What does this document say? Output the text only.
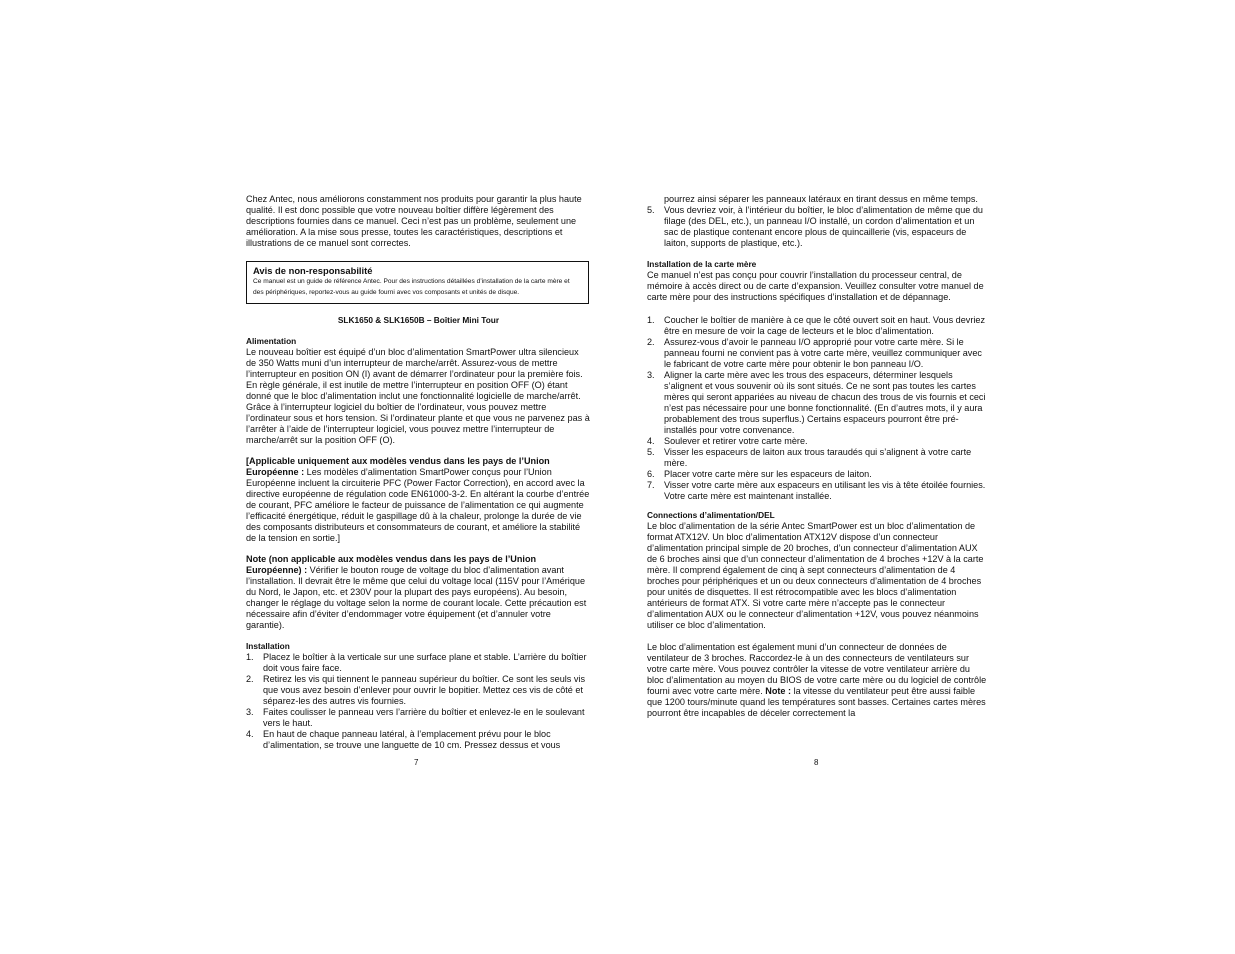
Chez Antec, nous améliorons constamment nos produits pour garantir la plus haute qualité. Il est donc possible que votre nouveau boîtier diffère légèrement des descriptions fournies dans ce manuel. Ceci n’est pas un problème, seulement une amélioration. A la mise sous presse, toutes les caractéristiques, descriptions et illustrations de ce manuel sont correctes.

Avis de non-responsabilité
Ce manuel est un guide de référence Antec. Pour des instructions détaillées d’installation de la carte mère et des périphériques, reportez-vous au guide fourni avec vos composants et unités de disque.
SLK1650 & SLK1650B – Boîtier Mini Tour
Alimentation

Le nouveau boîtier est équipé d’un bloc d’alimentation SmartPower ultra silencieux de 350 Watts muni d’un interrupteur de marche/arrêt. Assurez-vous de mettre l’interrupteur en position ON (I) avant de démarrer l’ordinateur pour la première fois. En règle générale, il est inutile de mettre l’interrupteur en position OFF (O) étant donné que le bloc d’alimentation inclut une fonctionnalité logicielle de marche/arrêt. Grâce à l’interrupteur logiciel du boîtier de l’ordinateur, vous pouvez mettre l’ordinateur sous et hors tension. Si l’ordinateur plante et que vous ne parvenez pas à l’arrêter à l’aide de l’interrupteur logiciel, vous pouvez mettre l’interrupteur de marche/arrêt sur la position OFF (O).

[Applicable uniquement aux modèles vendus dans les pays de l’Union Européenne : Les modèles d’alimentation SmartPower conçus pour l’Union Européenne incluent la circuiterie PFC (Power Factor Correction), en accord avec la directive européenne de régulation code EN61000-3-2. En altérant la courbe d’entrée de courant, PFC améliore le facteur de puissance de l’alimentation ce qui augmente l’efficacité énergétique, réduit le gaspillage dû à la chaleur, prolonge la durée de vie des composants distributeurs et consommateurs de courant, et améliore la stabilité de la tension en sortie.]

Note (non applicable aux modèles vendus dans les pays de l’Union Européenne) : Vérifier le bouton rouge de voltage du bloc d’alimentation avant l’installation. Il devrait être le même que celui du voltage local (115V pour l’Amérique du Nord, le Japon, etc. et 230V pour la plupart des pays européens). Au besoin, changer le réglage du voltage selon la norme de courant locale. Cette précaution est nécessaire afin d’éviter d’endommager votre équipement (et d’annuler votre garantie).

Installation
1. Placez le boîtier à la verticale sur une surface plane et stable. L’arrière du boîtier doit vous faire face.
2. Retirez les vis qui tiennent le panneau supérieur du boîtier. Ce sont les seuls vis que vous avez besoin d’enlever pour ouvrir le bopitier. Mettez ces vis de côté et séparez-les des autres vis fournies.
3. Faites coulisser le panneau vers l’arrière du boîtier et enlevez-le en le soulevant vers le haut.
4. En haut de chaque panneau latéral, à l’emplacement prévu pour le bloc d’alimentation, se trouve une languette de 10 cm. Pressez dessus et vous
7

pourrez ainsi séparer les panneaux latéraux en tirant dessus en même temps.

5. Vous devriez voir, à l’intérieur du boîtier, le bloc d’alimentation de même que du filage (des DEL, etc.), un panneau I/O installé, un cordon d’alimentation et un sac de plastique contenant encore plous de quincaillerie (vis, espaceurs de laiton, supports de plastique, etc.).
Installation de la carte mère

Ce manuel n’est pas conçu pour couvrir l’installation du processeur central, de mémoire à accès direct ou de carte d’expansion. Veuillez consulter votre manuel de carte mère pour des instructions spécifiques d’installation et de dépannage.

1. Coucher le boîtier de manière à ce que le côté ouvert soit en haut. Vous devriez être en mesure de voir la cage de lecteurs et le bloc d’alimentation.
2. Assurez-vous d’avoir le panneau I/O approprié pour votre carte mère. Si le panneau fourni ne convient pas à votre carte mère, veuillez communiquer avec le fabricant de votre carte mère pour obtenir le bon panneau I/O.
3. Aligner la carte mère avec les trous des espaceurs, déterminer lesquels s’alignent et vous souvenir où ils sont situés. Ce ne sont pas toutes les cartes mères qui seront appariées au niveau de chacun des trous de vis fournis et ceci n’est pas nécessaire pour une bonne fonctionnalité. (En d’autres mots, il y aura probablement des trous superflus.) Certains espaceurs pourront être pré-installés pour votre convenance.
4. Soulever et retirer votre carte mère.
5. Visser les espaceurs de laiton aux trous taraudés qui s’alignent à votre carte mère.
6. Placer votre carte mère sur les espaceurs de laiton.
7. Visser votre carte mère aux espaceurs en utilisant les vis à tête étoilée fournies. Votre carte mère est maintenant installée.
Connections d’alimentation/DEL

Le bloc d’alimentation de la série Antec SmartPower est un bloc d’alimentation de format ATX12V. Un bloc d’alimentation ATX12V dispose d’un connecteur d’alimentation principal simple de 20 broches, d’un connecteur d’alimentation AUX de 6 broches ainsi que d’un connecteur d’alimentation de 4 broches +12V à la carte mère. Il comprend également de cinq à sept connecteurs d’alimentation de 4 broches pour périphériques et un ou deux connecteurs d’alimentation de 4 broches pour unités de disquettes. Il est rétrocompatible avec les blocs d’alimentation antérieurs de format ATX. Si votre carte mère n’accepte pas le connecteur d’alimentation AUX ou le connecteur d’alimentation +12V, vous pouvez néanmoins utiliser ce bloc d’alimentation.

Le bloc d’alimentation est également muni d’un connecteur de données de ventilateur de 3 broches. Raccordez-le à un des connecteurs de ventilateurs sur votre carte mère. Vous pouvez contrôler la vitesse de votre ventilateur arrière du bloc d’alimentation au moyen du BIOS de votre carte mère ou du logiciel de contrôle fourni avec votre carte mère. Note : la vitesse du ventilateur peut être aussi faible que 1200 tours/minute quand les températures sont basses. Certaines cartes mères pourront être incapables de déceler correctement la

8
